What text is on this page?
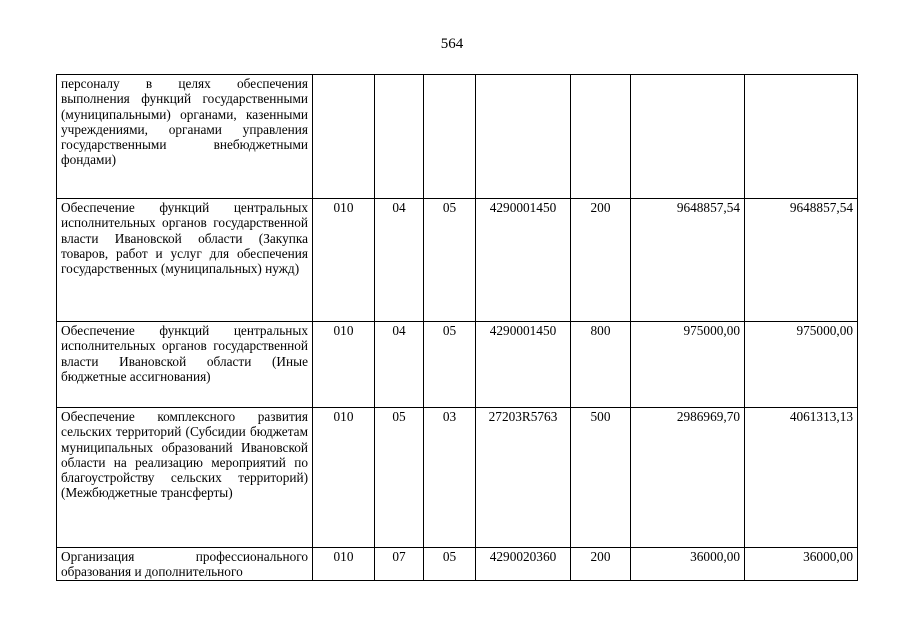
564
персоналу в целях обеспечения выполнения функций государственными (муниципальными) органами, казенными учреждениями, органами управления государственными внебюджетными фондами)							
Обеспечение функций центральных исполнительных органов государственной власти Ивановской области (Закупка товаров, работ и услуг для обеспечения государственных (муниципальных) нужд)	010	04	05	4290001450	200	9648857,54	9648857,54
Обеспечение функций центральных исполнительных органов государственной власти Ивановской области (Иные бюджетные ассигнования)	010	04	05	4290001450	800	975000,00	975000,00
Обеспечение комплексного развития сельских территорий (Субсидии бюджетам муниципальных образований Ивановской области на реализацию мероприятий по благоустройству сельских территорий) (Межбюджетные трансферты)	010	05	03	27203R5763	500	2986969,70	4061313,13
Организация профессионального образования и дополнительного	010	07	05	4290020360	200	36000,00	36000,00
